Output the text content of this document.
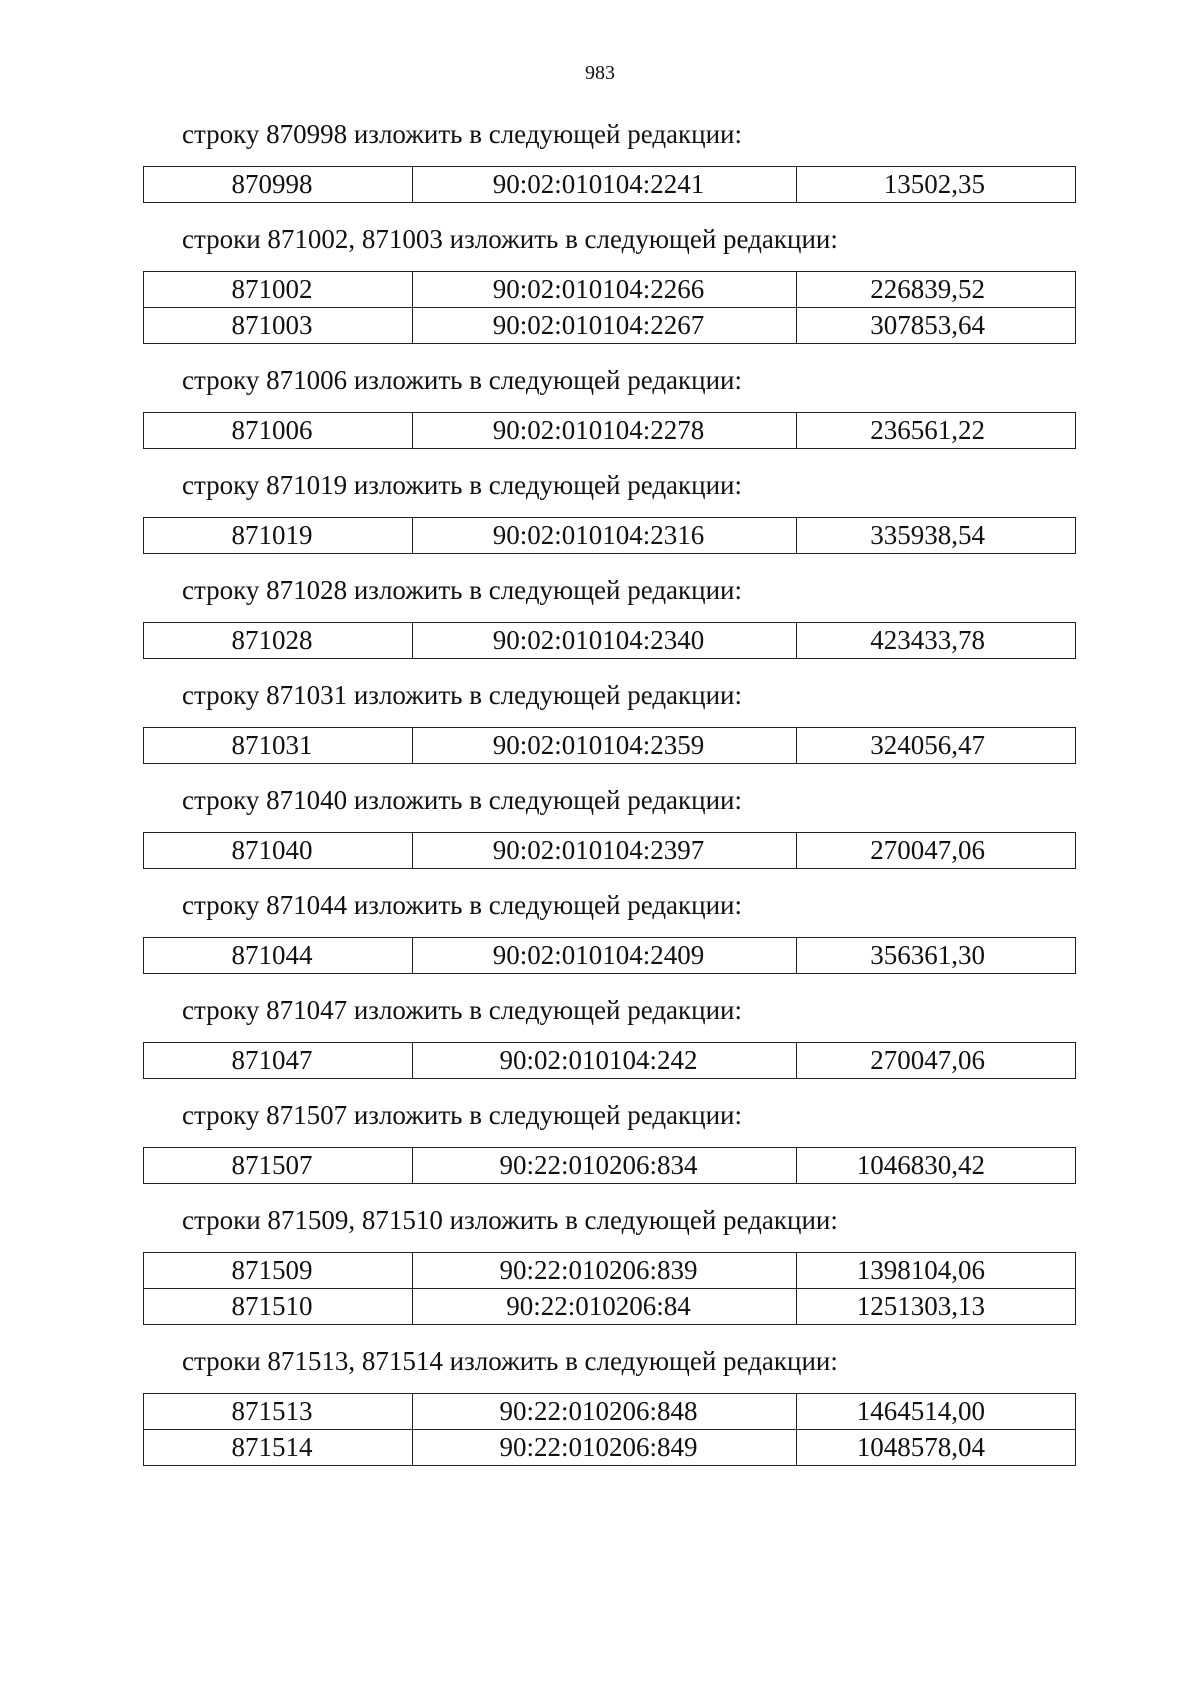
983
строку 870998 изложить в следующей редакции:
870998	90:02:010104:2241	13502,35
строки 871002, 871003 изложить в следующей редакции:
871002	90:02:010104:2266	226839,52
871003	90:02:010104:2267	307853,64
строку 871006 изложить в следующей редакции:
871006	90:02:010104:2278	236561,22
строку 871019 изложить в следующей редакции:
871019	90:02:010104:2316	335938,54
строку 871028 изложить в следующей редакции:
871028	90:02:010104:2340	423433,78
строку 871031 изложить в следующей редакции:
871031	90:02:010104:2359	324056,47
строку 871040 изложить в следующей редакции:
871040	90:02:010104:2397	270047,06
строку 871044 изложить в следующей редакции:
871044	90:02:010104:2409	356361,30
строку 871047 изложить в следующей редакции:
871047	90:02:010104:242	270047,06
строку 871507 изложить в следующей редакции:
871507	90:22:010206:834	1046830,42
строки 871509, 871510 изложить в следующей редакции:
871509	90:22:010206:839	1398104,06
871510	90:22:010206:84	1251303,13
строки 871513, 871514 изложить в следующей редакции:
871513	90:22:010206:848	1464514,00
871514	90:22:010206:849	1048578,04
